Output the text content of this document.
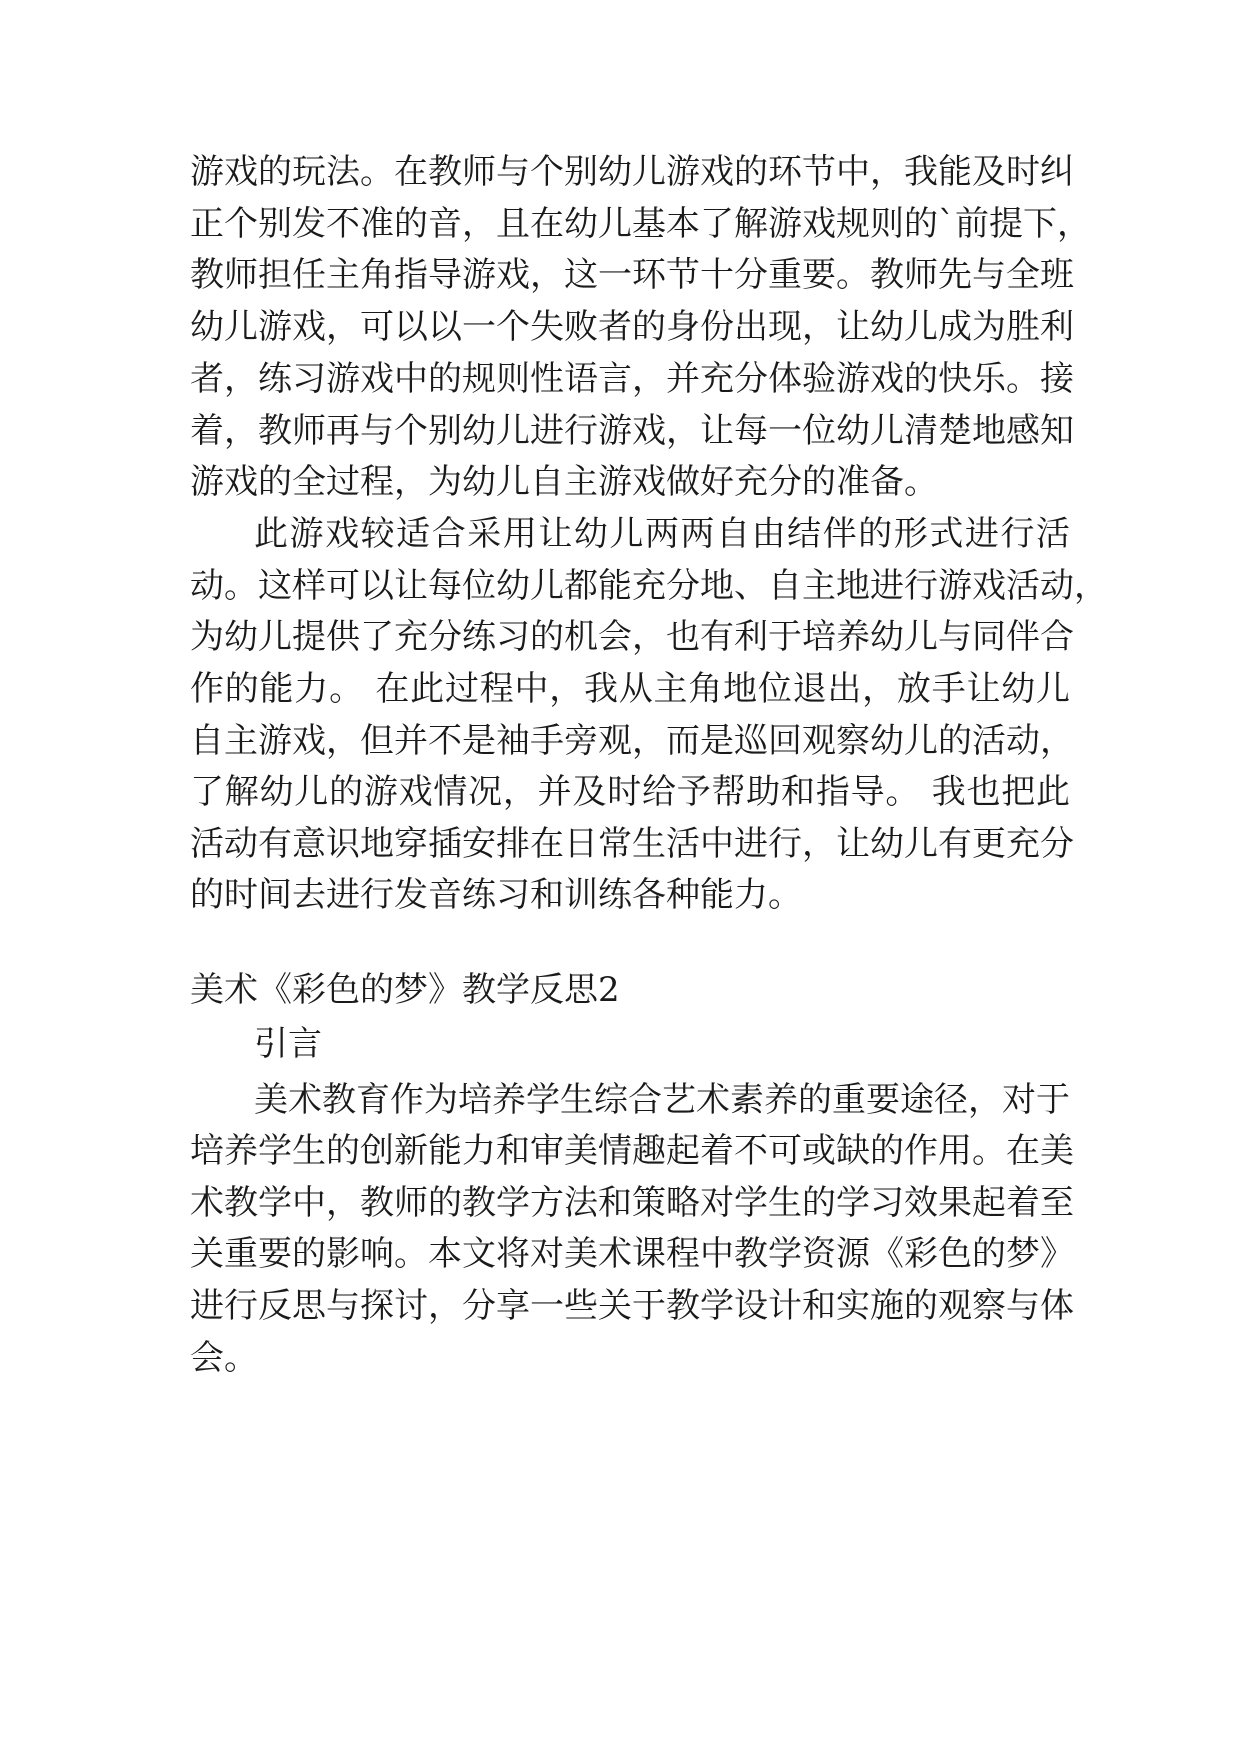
游戏的玩法。在教师与个别幼儿游戏的环节中，我能及时纠
正个别发不准的音，且在幼儿基本了解游戏规则的`前提下，
教师担任主角指导游戏，这一环节十分重要。教师先与全班
幼儿游戏，可以以一个失败者的身份出现，让幼儿成为胜利
者，练习游戏中的规则性语言，并充分体验游戏的快乐。接
着，教师再与个别幼儿进行游戏，让每一位幼儿清楚地感知
游戏的全过程，为幼儿自主游戏做好充分的准备。
此游戏较适合采用让幼儿两两自由结伴的形式进行活
动。这样可以让每位幼儿都能充分地、自主地进行游戏活动，
为幼儿提供了充分练习的机会，也有利于培养幼儿与同伴合
作的能力。 在此过程中，我从主角地位退出，放手让幼儿
自主游戏，但并不是袖手旁观，而是巡回观察幼儿的活动，
了解幼儿的游戏情况，并及时给予帮助和指导。 我也把此
活动有意识地穿插安排在日常生活中进行，让幼儿有更充分
的时间去进行发音练习和训练各种能力。
美术《彩色的梦》教学反思2
引言
美术教育作为培养学生综合艺术素养的重要途径，对于
培养学生的创新能力和审美情趣起着不可或缺的作用。在美
术教学中，教师的教学方法和策略对学生的学习效果起着至
关重要的影响。本文将对美术课程中教学资源《彩色的梦》
进行反思与探讨，分享一些关于教学设计和实施的观察与体
会。
